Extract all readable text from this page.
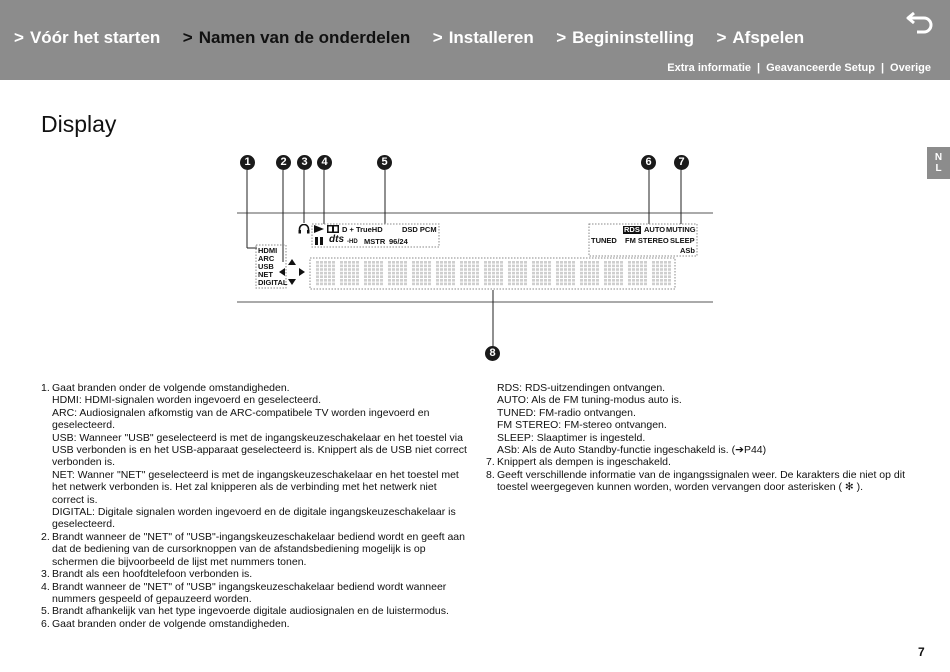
> Vóór het starten > Namen van de onderdelen > Installeren > Begininstelling > Afspelen
Extra informatie | Geavanceerde Setup | Overige
Display
N
L
1	2	3	4	5	6	7
8
HDMI
ARC
USB
NET
DIGITAL
D + TrueHD	DSD PCM
dts -HD MSTR 96/24
RDS AUTO MUTING
TUNED FM STEREO SLEEP
ASb
1. Gaat branden onder de volgende omstandigheden.
HDMI: HDMI-signalen worden ingevoerd en geselecteerd.
ARC: Audiosignalen afkomstig van de ARC-compatibele TV worden ingevoerd en geselecteerd.
USB: Wanneer "USB" geselecteerd is met de ingangskeuzeschakelaar en het toestel via USB verbonden is en het USB-apparaat geselecteerd is. Knippert als de USB niet correct verbonden is.
NET: Wanner "NET" geselecteerd is met de ingangskeuzeschakelaar en het toestel met het netwerk verbonden is. Het zal knipperen als de verbinding met het netwerk niet correct is.
DIGITAL: Digitale signalen worden ingevoerd en de digitale ingangskeuzeschakelaar is geselecteerd.
2. Brandt wanneer de "NET" of "USB"-ingangskeuzeschakelaar bediend wordt en geeft aan dat de bediening van de cursorknoppen van de afstandsbediening mogelijk is op schermen die bijvoorbeeld de lijst met nummers tonen.
3. Brandt als een hoofdtelefoon verbonden is.
4. Brandt wanneer de "NET" of "USB" ingangskeuzeschakelaar bediend wordt wanneer nummers gespeeld of gepauzeerd worden.
5. Brandt afhankelijk van het type ingevoerde digitale audiosignalen en de luistermodus.
6. Gaat branden onder de volgende omstandigheden.
RDS: RDS-uitzendingen ontvangen.
AUTO: Als de FM tuning-modus auto is.
TUNED: FM-radio ontvangen.
FM STEREO: FM-stereo ontvangen.
SLEEP: Slaaptimer is ingesteld.
ASb: Als de Auto Standby-functie ingeschakeld is. (➔P44)
7. Knippert als dempen is ingeschakeld.
8. Geeft verschillende informatie van de ingangssignalen weer. De karakters die niet op dit toestel weergegeven kunnen worden, worden vervangen door asterisken ( ✻ ).
7
